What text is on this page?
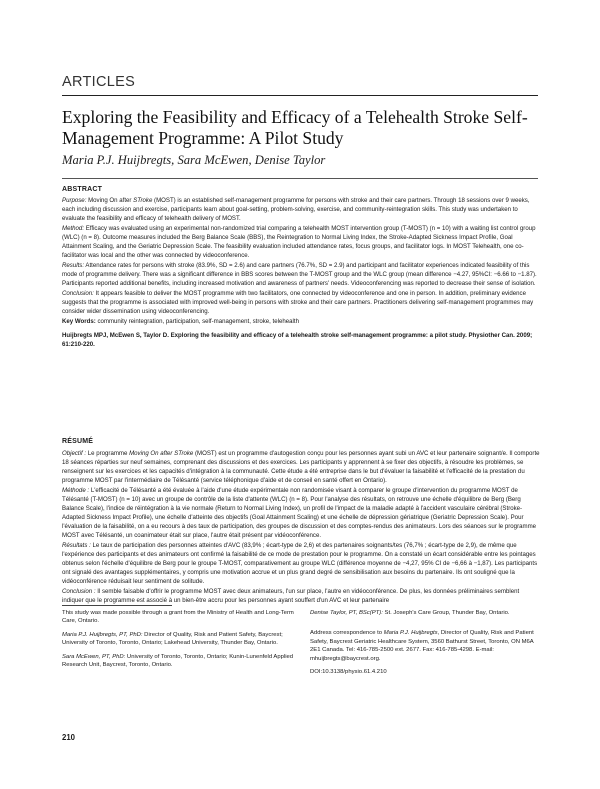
ARTICLES
Exploring the Feasibility and Efficacy of a Telehealth Stroke Self-Management Programme: A Pilot Study
Maria P.J. Huijbregts, Sara McEwen, Denise Taylor
ABSTRACT

Purpose: Moving On after STroke (MOST) is an established self-management programme for persons with stroke and their care partners. Through 18 sessions over 9 weeks, each including discussion and exercise, participants learn about goal-setting, problem-solving, exercise, and community-reintegration skills. This study was undertaken to evaluate the feasibility and efficacy of telehealth delivery of MOST.

Method: Efficacy was evaluated using an experimental non-randomized trial comparing a telehealth MOST intervention group (T-MOST) (n = 10) with a waiting list control group (WLC) (n = 8). Outcome measures included the Berg Balance Scale (BBS), the Reintegration to Normal Living Index, the Stroke-Adapted Sickness Impact Profile, Goal Attainment Scaling, and the Geriatric Depression Scale. The feasibility evaluation included attendance rates, focus groups, and facilitator logs. In MOST Telehealth, one co-facilitator was local and the other was connected by videoconference.

Results: Attendance rates for persons with stroke (83.9%, SD = 2.6) and care partners (76.7%, SD = 2.9) and participant and facilitator experiences indicated feasibility of this mode of programme delivery. There was a significant difference in BBS scores between the T-MOST group and the WLC group (mean difference −4.27, 95%CI: −6.66 to −1.87). Participants reported additional benefits, including increased motivation and awareness of partners' needs. Videoconferencing was reported to decrease their sense of isolation.

Conclusion: It appears feasible to deliver the MOST programme with two facilitators, one connected by videoconference and one in person. In addition, preliminary evidence suggests that the programme is associated with improved well-being in persons with stroke and their care partners. Practitioners delivering self-management programmes may consider wider dissemination using videoconferencing.

Key Words: community reintegration, participation, self-management, stroke, telehealth

Huijbregts MPJ, McEwen S, Taylor D. Exploring the feasibility and efficacy of a telehealth stroke self-management programme: a pilot study. Physiother Can. 2009; 61:210-220.

RÉSUMÉ

Objectif : Le programme Moving On after STroke (MOST) est un programme d'autogestion conçu pour les personnes ayant subi un AVC et leur partenaire soignant/e. Il comporte 18 séances réparties sur neuf semaines, comprenant des discussions et des exercices. Les participants y apprennent à se fixer des objectifs, à résoudre les problèmes, se renseignent sur les exercices et les capacités d'intégration à la communauté. Cette étude a été entreprise dans le but d'évaluer la faisabilité et l'efficacité de la prestation du programme MOST par l'intermédiaire de Télésanté (service téléphonique d'aide et de conseil en santé offert en Ontario).

Méthode : L'efficacité de Télésanté a été évaluée à l'aide d'une étude expérimentale non randomisée visant à comparer le groupe d'intervention du programme MOST de Télésanté (T-MOST) (n = 10) avec un groupe de contrôle de la liste d'attente (WLC) (n = 8). Pour l'analyse des résultats, on retrouve une échelle d'équilibre de Berg (Berg Balance Scale), l'indice de réintégration à la vie normale (Return to Normal Living Index), un profil de l'impact de la maladie adapté à l'accident vasculaire cérébral (Stroke-Adapted Sickness Impact Profile), une échelle d'atteinte des objectifs (Goal Attainment Scaling) et une échelle de dépression gériatrique (Geriatric Depression Scale). Pour l'évaluation de la faisabilité, on a eu recours à des taux de participation, des groupes de discussion et des comptes-rendus des animateurs. Lors des séances sur le programme MOST avec Télésanté, un coanimateur était sur place, l'autre était présent par vidéoconférence.

Résultats : Le taux de participation des personnes atteintes d'AVC (83,9% ; écart-type de 2,6) et des partenaires soignants/tes (76,7% ; écart-type de 2,9), de même que l'expérience des participants et des animateurs ont confirmé la faisabilité de ce mode de prestation pour le programme. On a constaté un écart considérable entre les pointages obtenus selon l'échelle d'équilibre de Berg pour le groupe T-MOST, comparativement au groupe WLC (différence moyenne de −4,27, 95% CI de −6,66 à −1,87). Les participants ont signalé des avantages supplémentaires, y compris une motivation accrue et un plus grand degré de sensibilisation aux besoins du partenaire. Ils ont souligné que la vidéoconférence réduisait leur sentiment de solitude.

Conclusion : Il semble faisable d'offrir le programme MOST avec deux animateurs, l'un sur place, l'autre en vidéoconférence. De plus, les données préliminaires semblent indiquer que le programme est associé à un bien-être accru pour les personnes ayant souffert d'un AVC et leur partenaire

This study was made possible through a grant from the Ministry of Health and Long-Term Care, Ontario.

Maria P.J. Huijbregts, PT, PhD: Director of Quality, Risk and Patient Safety, Baycrest; University of Toronto, Toronto, Ontario; Lakehead University, Thunder Bay, Ontario.

Sara McEwen, PT, PhD: University of Toronto, Toronto, Ontario; Kunin-Lunenfeld Applied Research Unit, Baycrest, Toronto, Ontario.

Denise Taylor, PT, BSc(PT): St. Joseph's Care Group, Thunder Bay, Ontario.

Address correspondence to Maria P.J. Huijbregts, Director of Quality, Risk and Patient Safety, Baycrest Geriatric Healthcare System, 3560 Bathurst Street, Toronto, ON M6A 2E1 Canada. Tel: 416-785-2500 ext. 2677. Fax: 416-785-4298. E-mail: mhuijbregts@baycrest.org.

DOI:10.3138/physio.61.4.210

210
